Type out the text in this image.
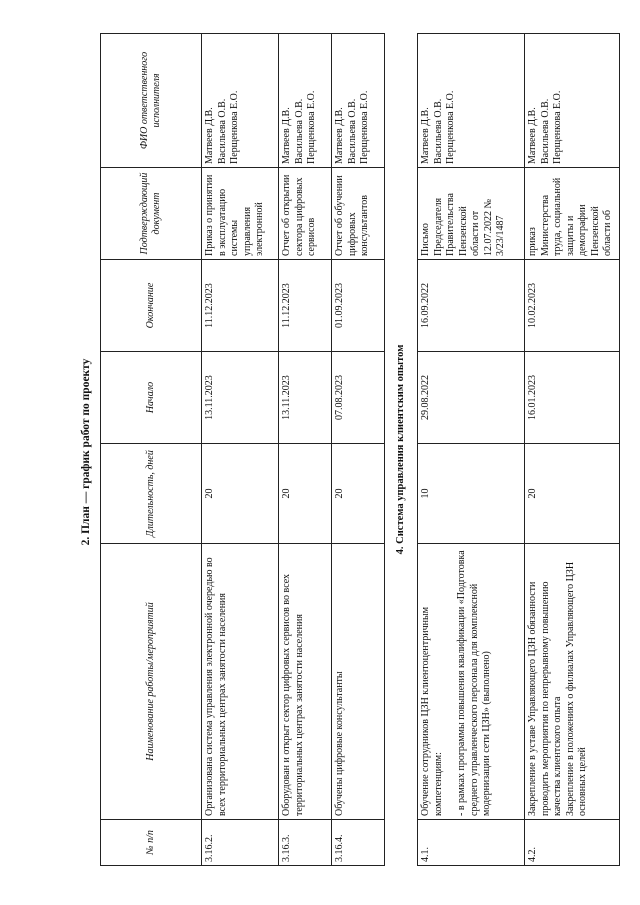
2. План — график работ по проекту
№ п/п	Наименование работы/мероприятий	Длительность, дней	Начало	Окончание	Подтверждающий документ	ФИО ответственного исполнителя
3.16.2.	Организована система управления электронной очередью во всех территориальных центрах занятости населения	20	13.11.2023	11.12.2023	Приказ о принятии в эксплуатацию системы управления электронной	Матвеев Д.В. Васильева О.В. Перщенкова Е.О.

3.16.3.	Оборудован и открыт сектор цифровых сервисов во всех территориальных центрах занятости населения	20	13.11.2023	11.12.2023	Отчет об открытии сектора цифровых сервисов	Матвеев Д.В. Васильева О.В. Перщенкова Е.О.

3.16.4.	Обучены цифровые консультанты	20	07.08.2023	01.09.2023	Отчет об обучении цифровых консультантов	Матвеев Д.В. Васильева О.В. Перщенкова Е.О.

4. Система управления клиентским опытом						
4.1.	Обучение сотрудников ЦЗН клиентоцентричным компетенциям: - в рамках программы повышения квалификации «Подготовка среднего управленческого персонала для комплексной модернизации сети ЦЗН» (выполнено)	10	29.08.2022	16.09.2022	Письмо Председателя Правительства Пензенской области от 12.07.2022 № 3/23/1487	Матвеев Д.В. Васильева О.В. Перщенкова Е.О.

4.2.	Закрепление в уставе Управляющего ЦЗН обязанности проводить мероприятия по непрерывному повышению качества клиентского опыта Закрепление в положениях о филиалах Управляющего ЦЗН основных целей	20	16.01.2023	10.02.2023	приказ Министерства труда, социальной защиты и демографии Пензенской области об	Матвеев Д.В. Васильева О.В. Перщенкова Е.О.
